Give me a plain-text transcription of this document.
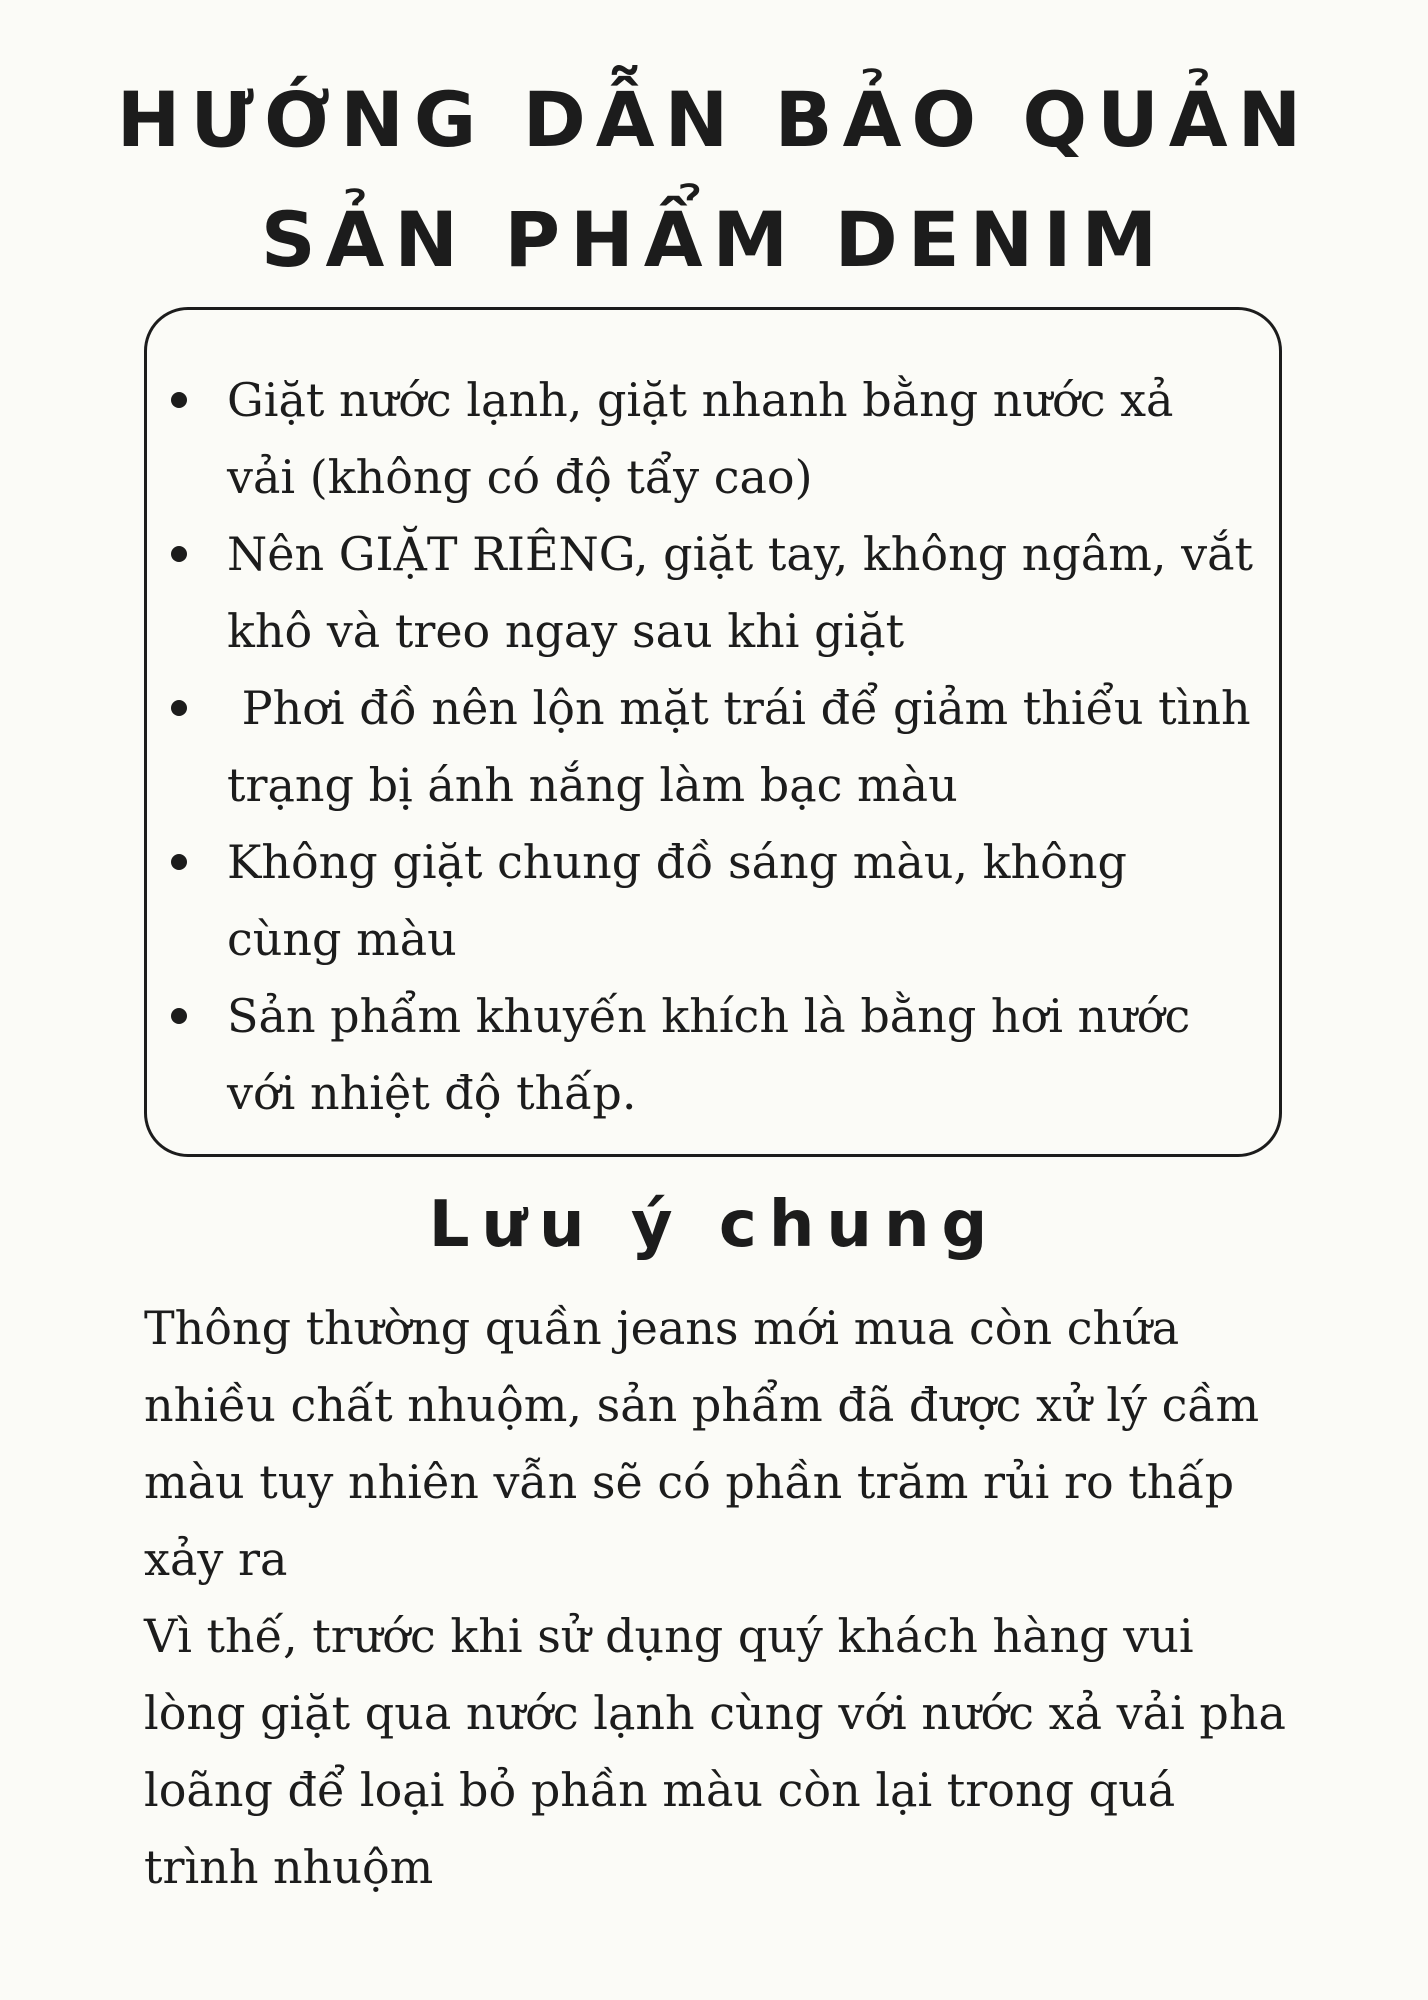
HƯỚNG DẪN BẢO QUẢN
SẢN PHẨM DENIM
Giặt nước lạnh, giặt nhanh bằng nước xả vải (không có độ tẩy cao)
Nên GIẶT RIÊNG, giặt tay, không ngâm, vắt khô và treo ngay sau khi giặt
Phơi đồ nên lộn mặt trái để giảm thiểu tình trạng bị ánh nắng làm bạc màu
Không giặt chung đồ sáng màu, không cùng màu
Sản phẩm khuyến khích là bằng hơi nước với nhiệt độ thấp.
Lưu ý chung

Thông thường quần jeans mới mua còn chứa nhiều chất nhuộm, sản phẩm đã được xử lý cầm màu tuy nhiên vẫn sẽ có phần trăm rủi ro thấp xảy ra

Vì thế, trước khi sử dụng quý khách hàng vui lòng giặt qua nước lạnh cùng với nước xả vải pha loãng để loại bỏ phần màu còn lại trong quá trình nhuộm
